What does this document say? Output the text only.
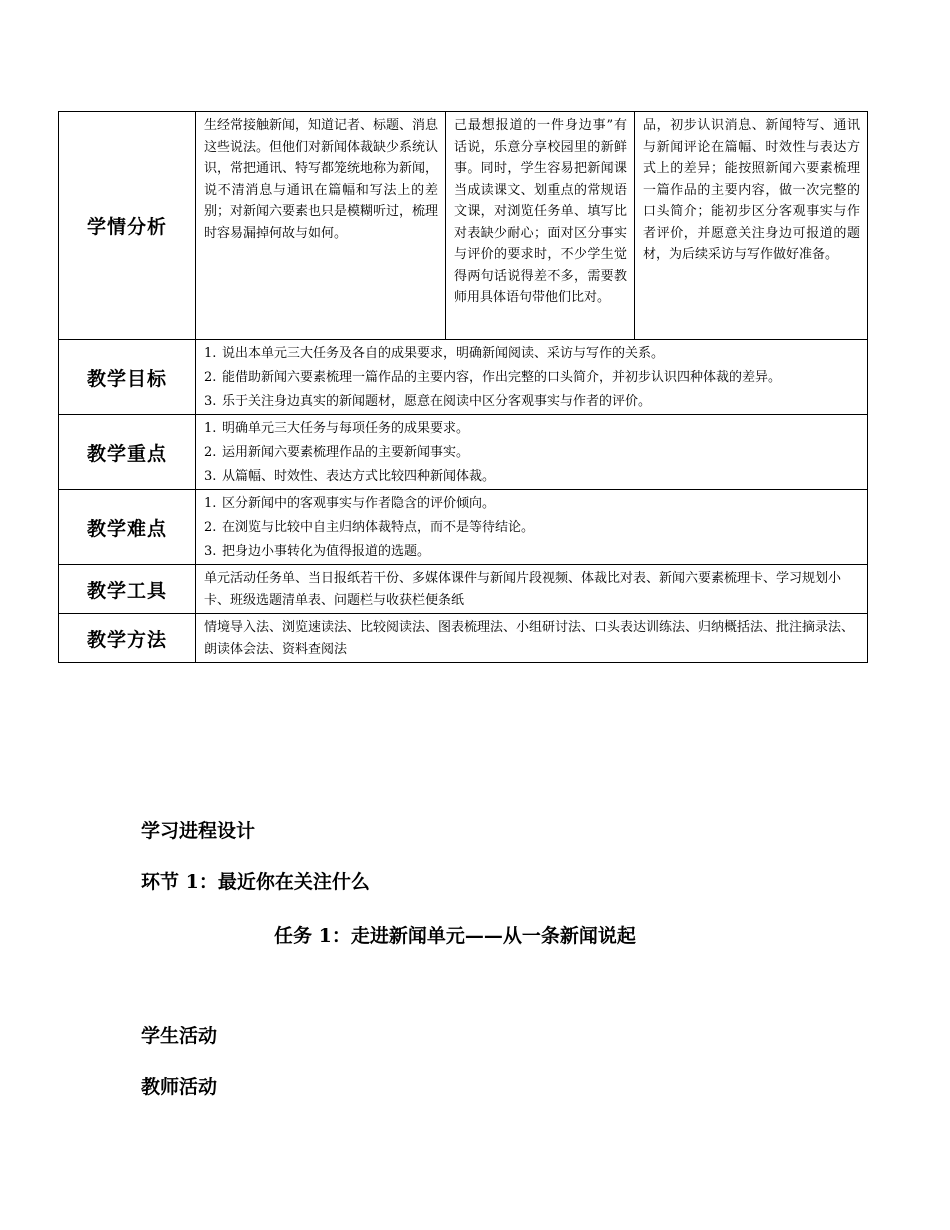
学情分析	生经常接触新闻，知道记者、标题、消息这些说法。但他们对新闻体裁缺少系统认识，常把通讯、特写都笼统地称为新闻，说不清消息与通讯在篇幅和写法上的差别；对新闻六要素也只是模糊听过，梳理时容易漏掉何故与如何。	己最想报道的一件身边事”有话说，乐意分享校园里的新鲜事。同时，学生容易把新闻课当成读课文、划重点的常规语文课，对浏览任务单、填写比对表缺少耐心；面对区分事实与评价的要求时，不少学生觉得两句话说得差不多，需要教师用具体语句带他们比对。	品，初步认识消息、新闻特写、通讯与新闻评论在篇幅、时效性与表达方式上的差异；能按照新闻六要素梳理一篇作品的主要内容，做一次完整的口头简介；能初步区分客观事实与作者评价，并愿意关注身边可报道的题材，为后续采访与写作做好准备。

教学目标	1. 说出本单元三大任务及各自的成果要求，明确新闻阅读、采访与写作的关系。
2. 能借助新闻六要素梳理一篇作品的主要内容，作出完整的口头简介，并初步认识四种体裁的差异。
3. 乐于关注身边真实的新闻题材，愿意在阅读中区分客观事实与作者的评价。		

教学重点	1. 明确单元三大任务与每项任务的成果要求。
2. 运用新闻六要素梳理作品的主要新闻事实。
3. 从篇幅、时效性、表达方式比较四种新闻体裁。		

教学难点	1. 区分新闻中的客观事实与作者隐含的评价倾向。
2. 在浏览与比较中自主归纳体裁特点，而不是等待结论。
3. 把身边小事转化为值得报道的选题。		

教学工具	单元活动任务单、当日报纸若干份、多媒体课件与新闻片段视频、体裁比对表、新闻六要素梳理卡、学习规划小卡、班级选题清单表、问题栏与收获栏便条纸		

教学方法	情境导入法、浏览速读法、比较阅读法、图表梳理法、小组研讨法、口头表达训练法、归纳概括法、批注摘录法、朗读体会法、资料查阅法		
学习进程设计
环节 1：最近你在关注什么
任务 1：走进新闻单元——从一条新闻说起
学生活动
教师活动
